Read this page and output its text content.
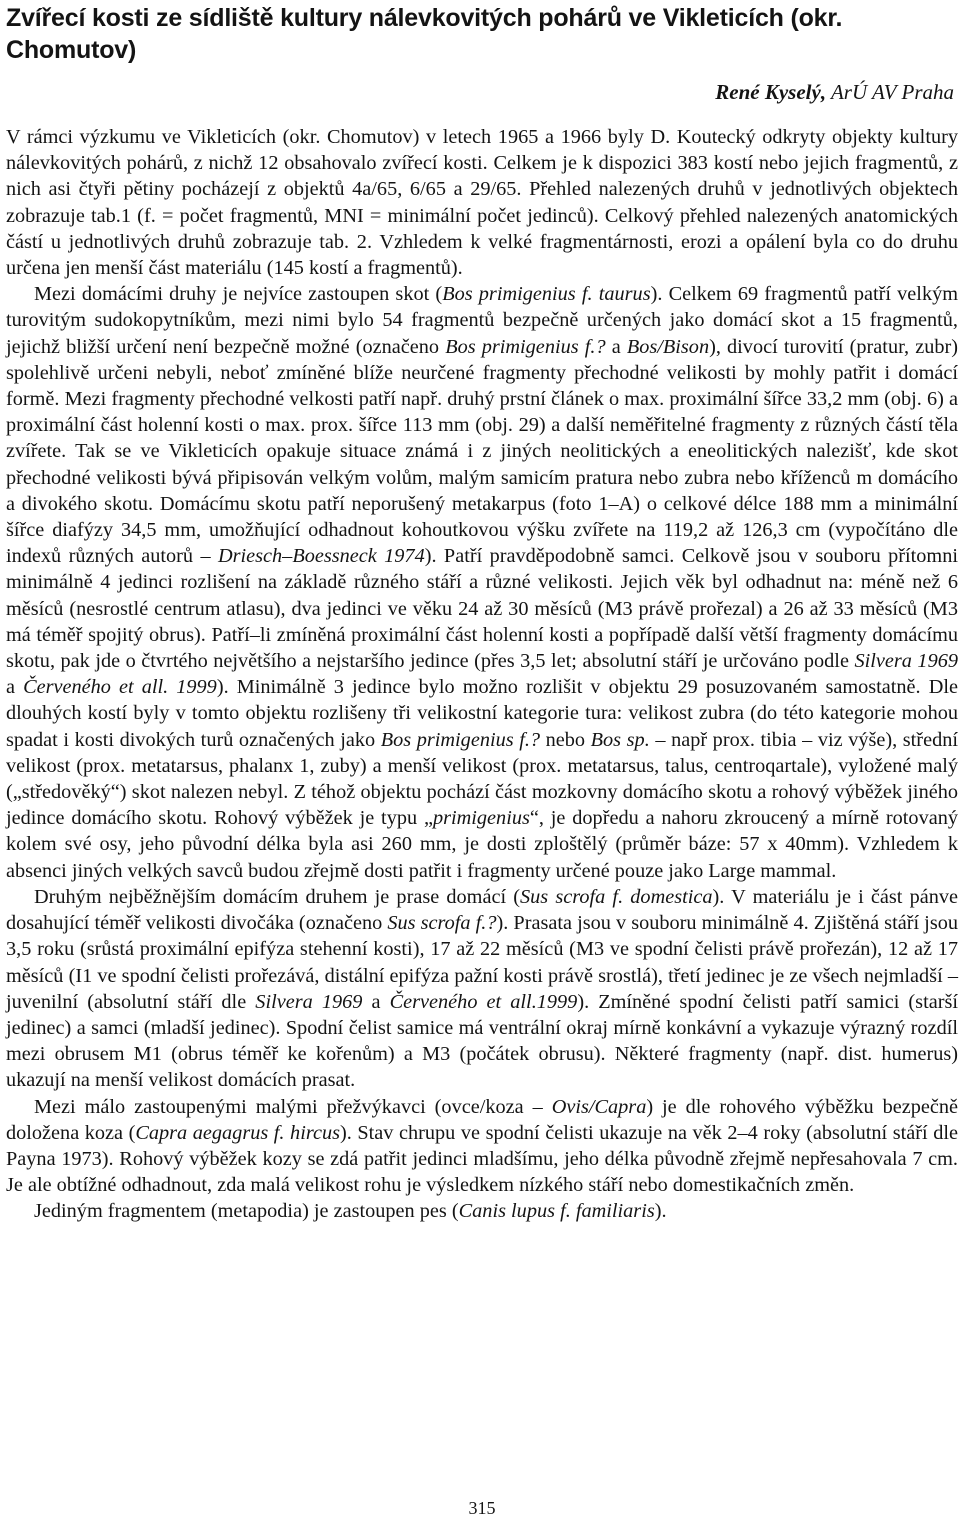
Zvířecí kosti ze sídliště kultury nálevkovitých pohárů ve Vikleticích (okr. Chomutov)
René Kyselý, ArÚ AV Praha

V rámci výzkumu ve Vikleticích (okr. Chomutov) v letech 1965 a 1966 byly D. Koutecký odkryty objekty kultury nálevkovitých pohárů, z nichž 12 obsahovalo zvířecí kosti. Celkem je k dispozici 383 kostí nebo jejich fragmentů, z nich asi čtyři pětiny pocházejí z objektů 4a/65, 6/65 a 29/65. Přehled nalezených druhů v jednotlivých objektech zobrazuje tab.1 (f. = počet fragmentů, MNI = minimální počet jedinců). Celkový přehled nalezených anatomických částí u jednotlivých druhů zobrazuje tab. 2. Vzhledem k velké fragmentárnosti, erozi a opálení byla co do druhu určena jen menší část materiálu (145 kostí a fragmentů).

Mezi domácími druhy je nejvíce zastoupen skot (Bos primigenius f. taurus). Celkem 69 fragmentů patří velkým turovitým sudokopytníkům, mezi nimi bylo 54 fragmentů bezpečně určených jako domácí skot a 15 fragmentů, jejichž bližší určení není bezpečně možné (označeno Bos primigenius f.? a Bos/Bison), divocí turovití (pratur, zubr) spolehlivě určeni nebyli, neboť zmíněné blíže neurčené fragmenty přechodné velikosti by mohly patřit i domácí formě. Mezi fragmenty přechodné velkosti patří např. druhý prstní článek o max. proximální šířce 33,2 mm (obj. 6) a proximální část holenní kosti o max. prox. šířce 113 mm (obj. 29) a další neměřitelné fragmenty z různých částí těla zvířete. Tak se ve Vikleticích opakuje situace známá i z jiných neolitických a eneolitických nalezišť, kde skot přechodné velikosti bývá připisován velkým volům, malým samicím pratura nebo zubra nebo kříženců m domácího a divokého skotu. Domácímu skotu patří neporušený metakarpus (foto 1–A) o celkové délce 188 mm a minimální šířce diafýzy 34,5 mm, umožňující odhadnout kohoutkovou výšku zvířete na 119,2 až 126,3 cm (vypočítáno dle indexů různých autorů – Driesch–Boessneck 1974). Patří pravděpodobně samci. Celkově jsou v souboru přítomni minimálně 4 jedinci rozlišení na základě různého stáří a různé velikosti. Jejich věk byl odhadnut na: méně než 6 měsíců (nesrostlé centrum atlasu), dva jedinci ve věku 24 až 30 měsíců (M3 právě prořezal) a 26 až 33 měsíců (M3 má téměř spojitý obrus). Patří–li zmíněná proximální část holenní kosti a popřípadě další větší fragmenty domácímu skotu, pak jde o čtvrtého největšího a nejstaršího jedince (přes 3,5 let; absolutní stáří je určováno podle Silvera 1969 a Červeného et all. 1999). Minimálně 3 jedince bylo možno rozlišit v objektu 29 posuzovaném samostatně. Dle dlouhých kostí byly v tomto objektu rozlišeny tři velikostní kategorie tura: velikost zubra (do této kategorie mohou spadat i kosti divokých turů označených jako Bos primigenius f.? nebo Bos sp. – např prox. tibia – viz výše), střední velikost (prox. metatarsus, phalanx 1, zuby) a menší velikost (prox. metatarsus, talus, centroqartale), vyložené malý („středověký“) skot nalezen nebyl. Z téhož objektu pochází část mozkovny domácího skotu a rohový výběžek jiného jedince domácího skotu. Rohový výběžek je typu „primigenius“, je dopředu a nahoru zkroucený a mírně rotovaný kolem své osy, jeho původní délka byla asi 260 mm, je dosti zploštělý (průměr báze: 57 x 40mm). Vzhledem k absenci jiných velkých savců budou zřejmě dosti patřit i fragmenty určené pouze jako Large mammal.

Druhým nejběžnějším domácím druhem je prase domácí (Sus scrofa f. domestica). V materiálu je i část pánve dosahující téměř velikosti divočáka (označeno Sus scrofa f.?). Prasata jsou v souboru minimálně 4. Zjištěná stáří jsou 3,5 roku (srůstá proximální epifýza stehenní kosti), 17 až 22 měsíců (M3 ve spodní čelisti právě prořezán), 12 až 17 měsíců (I1 ve spodní čelisti prořezává, distální epifýza pažní kosti právě srostlá), třetí jedinec je ze všech nejmladší – juvenilní (absolutní stáří dle Silvera 1969 a Červeného et all.1999). Zmíněné spodní čelisti patří samici (starší jedinec) a samci (mladší jedinec). Spodní čelist samice má ventrální okraj mírně konkávní a vykazuje výrazný rozdíl mezi obrusem M1 (obrus téměř ke kořenům) a M3 (počátek obrusu). Některé fragmenty (např. dist. humerus) ukazují na menší velikost domácích prasat.

Mezi málo zastoupenými malými přežvýkavci (ovce/koza – Ovis/Capra) je dle rohového výběžku bezpečně doložena koza (Capra aegagrus f. hircus). Stav chrupu ve spodní čelisti ukazuje na věk 2–4 roky (absolutní stáří dle Payna 1973). Rohový výběžek kozy se zdá patřit jedinci mladšímu, jeho délka původně zřejmě nepřesahovala 7 cm. Je ale obtížné odhadnout, zda malá velikost rohu je výsledkem nízkého stáří nebo domestikačních změn.

Jediným fragmentem (metapodia) je zastoupen pes (Canis lupus f. familiaris).

315
